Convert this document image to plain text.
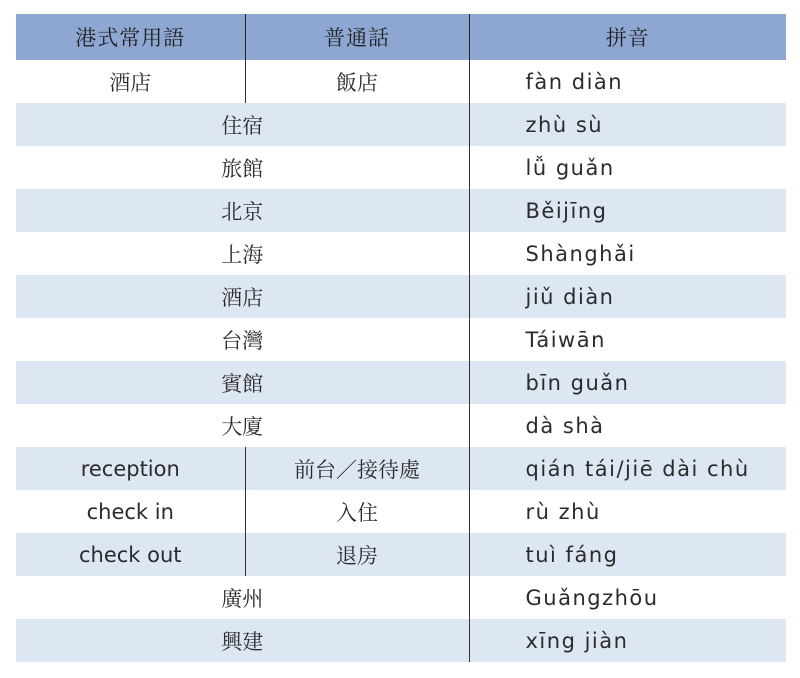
港式常用語	普通話	拼音
酒店	飯店	fàn diàn
住宿		zhù sù
旅館		lǚ guǎn
北京		Běijīng
上海		Shànghǎi
酒店		jiǔ diàn
台灣		Táiwān
賓館		bīn guǎn
大廈		dà shà
reception	前台／接待處	qián tái/jiē dài chù
check in	入住	rù zhù
check out	退房	tuì fáng
廣州		Guǎngzhōu
興建		xīng jiàn
